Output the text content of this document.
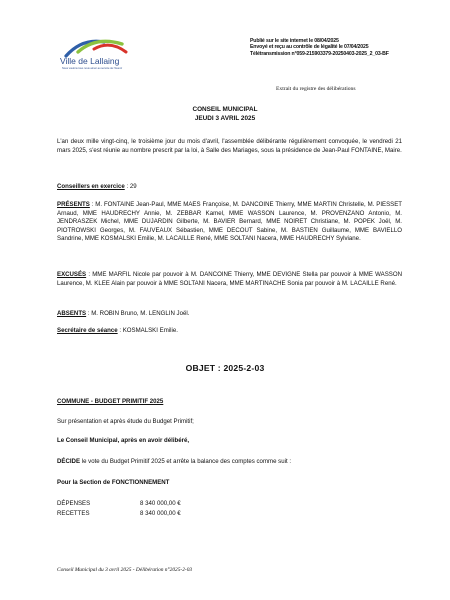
Ville de Lallaing
Nous voulons tous nous aimer au service de l'Avenir
Publié sur le site internet le 08/04/2025
Envoyé et reçu au contrôle de légalité le 07/04/2025
Télétransmission n°059-215903379-20250403-2025_2_03-BF
Extrait du registre des délibérations
CONSEIL MUNICIPAL
JEUDI 3 AVRIL 2025
L'an deux mille vingt-cinq, le troisième jour du mois d'avril, l'assemblée délibérante régulièrement convoquée, le vendredi 21 mars 2025, s'est réunie au nombre prescrit par la loi, à Salle des Mariages, sous la présidence de Jean-Paul FONTAINE, Maire.
Conseillers en exercice : 29
PRÉSENTS : M. FONTAINE Jean-Paul, MME MAES Françoise, M. DANCOINE Thierry, MME MARTIN Christelle, M. PIESSET Arnaud, MME HAUDRECHY Annie, M. ZEBBAR Kamel, MME WASSON Laurence, M. PROVENZANO Antonio, M. JENDRASZEK Michel, MME DUJARDIN Gilberte, M. BAVIER Bernard, MME NOIRET Christiane, M. POPEK Joël, M. PIOTROWSKI Georges, M. FAUVEAUX Sébastien, MME DECOUT Sabine, M. BASTIEN Guillaume, MME BAVIELLO Sandrine, MME KOSMALSKI Emilie, M. LACAILLE René, MME SOLTANI Nacera, MME HAUDRECHY Sylviane.
EXCUSÉS : MME MARFIL Nicole par pouvoir à M. DANCOINE Thierry, MME DEVIGNE Stella par pouvoir à MME WASSON Laurence, M. KLEE Alain par pouvoir à MME SOLTANI Nacera, MME MARTINACHE Sonia par pouvoir à M. LACAILLE René.
ABSENTS : M. ROBIN Bruno, M. LENGLIN Joël.
Secrétaire de séance : KOSMALSKI Emilie.
OBJET : 2025-2-03
COMMUNE - BUDGET PRIMITIF 2025
Sur présentation et après étude du Budget Primitif;
Le Conseil Municipal, après en avoir délibéré,
DÉCIDE le vote du Budget Primitif 2025 et arrête la balance des comptes comme suit :
Pour la Section de FONCTIONNEMENT
DÉPENSES	8 340 000,00 €
RECETTES	8 340 000,00 €
Conseil Municipal du 3 avril 2025 - Délibération n°2025-2-03
